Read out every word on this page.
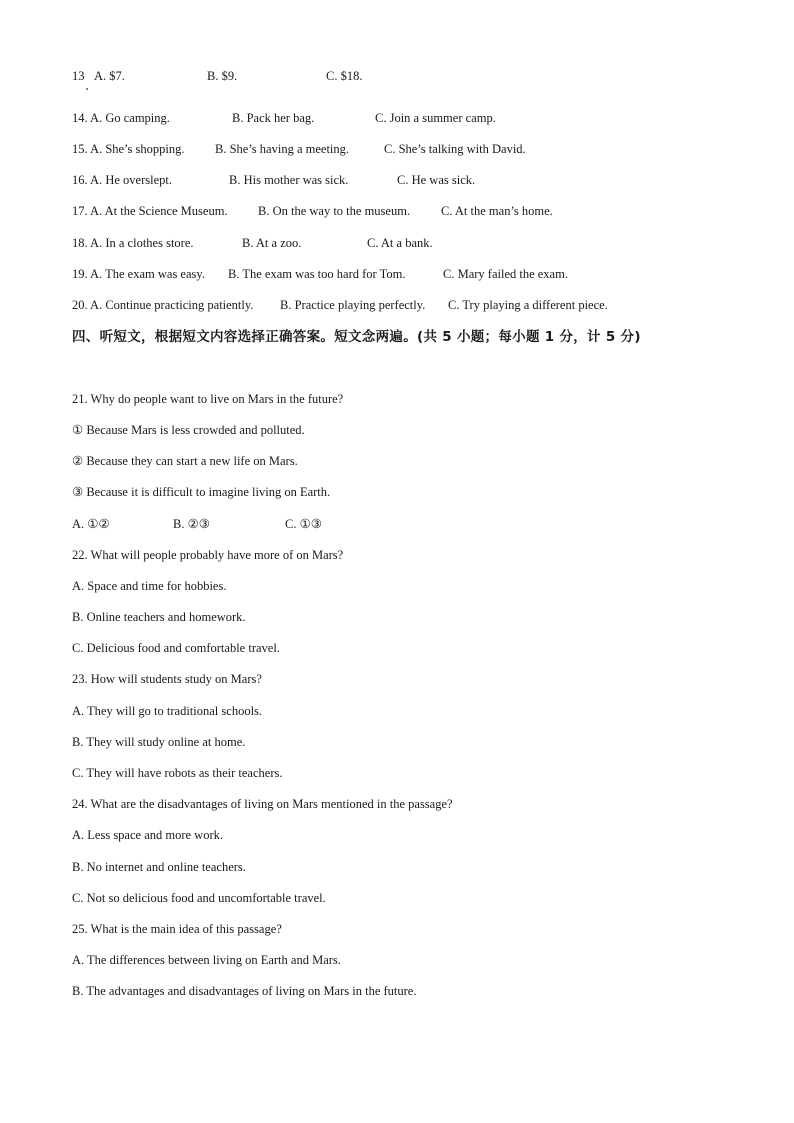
13 A. $7.	B. $9.	C. $18.
14. A. Go camping.	B. Pack her bag.	C. Join a summer camp.
15. A. She’s shopping. B. She’s having a meeting.	C. She’s talking with David.
16. A. He overslept.	B. His mother was sick.	C. He was sick.
17. A. At the Science Museum. B. On the way to the museum. C. At the man’s home.
18. A. In a clothes store.	B. At a zoo.	C. At a bank.
19. A. The exam was easy. B. The exam was too hard for Tom.	C. Mary failed the exam.
20. A. Continue practicing patiently. B. Practice playing perfectly. C. Try playing a different piece.
四、听短文，根据短文内容选择正确答案。短文念两遍。(共 5 小题；每小题 1 分，计 5 分)
21. Why do people want to live on Mars in the future?
① Because Mars is less crowded and polluted.
② Because they can start a new life on Mars.
③ Because it is difficult to imagine living on Earth.
A. ①②	B. ②③	C. ①③
22. What will people probably have more of on Mars?
A. Space and time for hobbies.
B. Online teachers and homework.
C. Delicious food and comfortable travel.
23. How will students study on Mars?
A. They will go to traditional schools.
B. They will study online at home.
C. They will have robots as their teachers.
24. What are the disadvantages of living on Mars mentioned in the passage?
A. Less space and more work.
B. No internet and online teachers.
C. Not so delicious food and uncomfortable travel.
25. What is the main idea of this passage?
A. The differences between living on Earth and Mars.
B. The advantages and disadvantages of living on Mars in the future.
